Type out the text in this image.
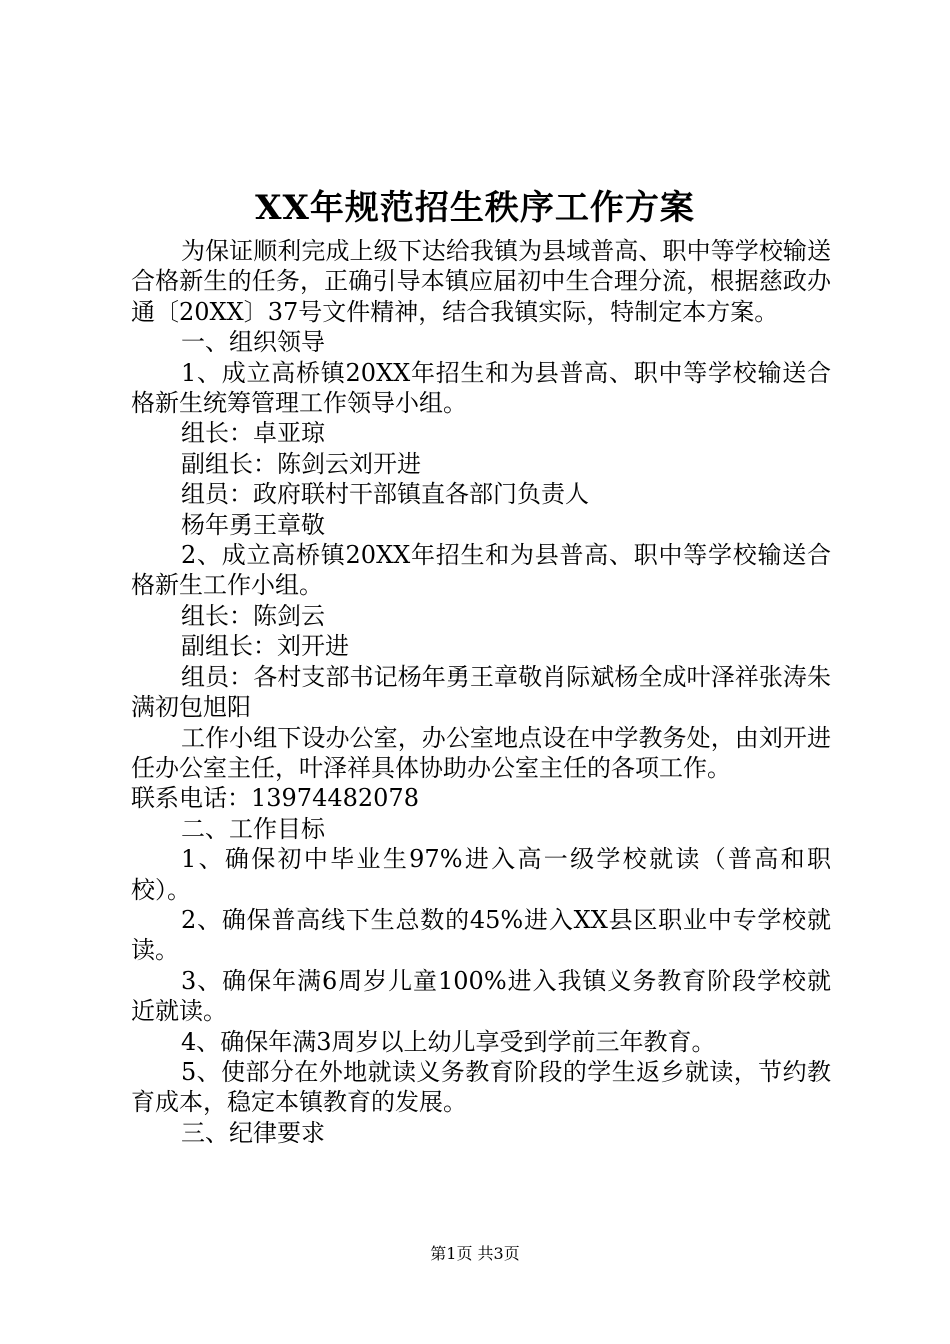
XX年规范招生秩序工作方案

为保证顺利完成上级下达给我镇为县域普高、职中等学校输送合格新生的任务，正确引导本镇应届初中生合理分流，根据慈政办通〔20XX〕37号文件精神，结合我镇实际，特制定本方案。

一、组织领导

1、成立高桥镇20XX年招生和为县普高、职中等学校输送合格新生统筹管理工作领导小组。

组长：卓亚琼

副组长：陈剑云刘开进

组员：政府联村干部镇直各部门负责人

杨年勇王章敬

2、成立高桥镇20XX年招生和为县普高、职中等学校输送合格新生工作小组。

组长：陈剑云

副组长：刘开进

组员：各村支部书记杨年勇王章敬肖际斌杨全成叶泽祥张涛朱满初包旭阳

工作小组下设办公室，办公室地点设在中学教务处，由刘开进任办公室主任，叶泽祥具体协助办公室主任的各项工作。

联系电话：13974482078

二、工作目标

1、确保初中毕业生97%进入高一级学校就读（普高和职校）。

2、确保普高线下生总数的45%进入XX县区职业中专学校就读。

3、确保年满6周岁儿童100%进入我镇义务教育阶段学校就近就读。

4、确保年满3周岁以上幼儿享受到学前三年教育。

5、使部分在外地就读义务教育阶段的学生返乡就读，节约教育成本，稳定本镇教育的发展。

三、纪律要求

第1页 共3页
